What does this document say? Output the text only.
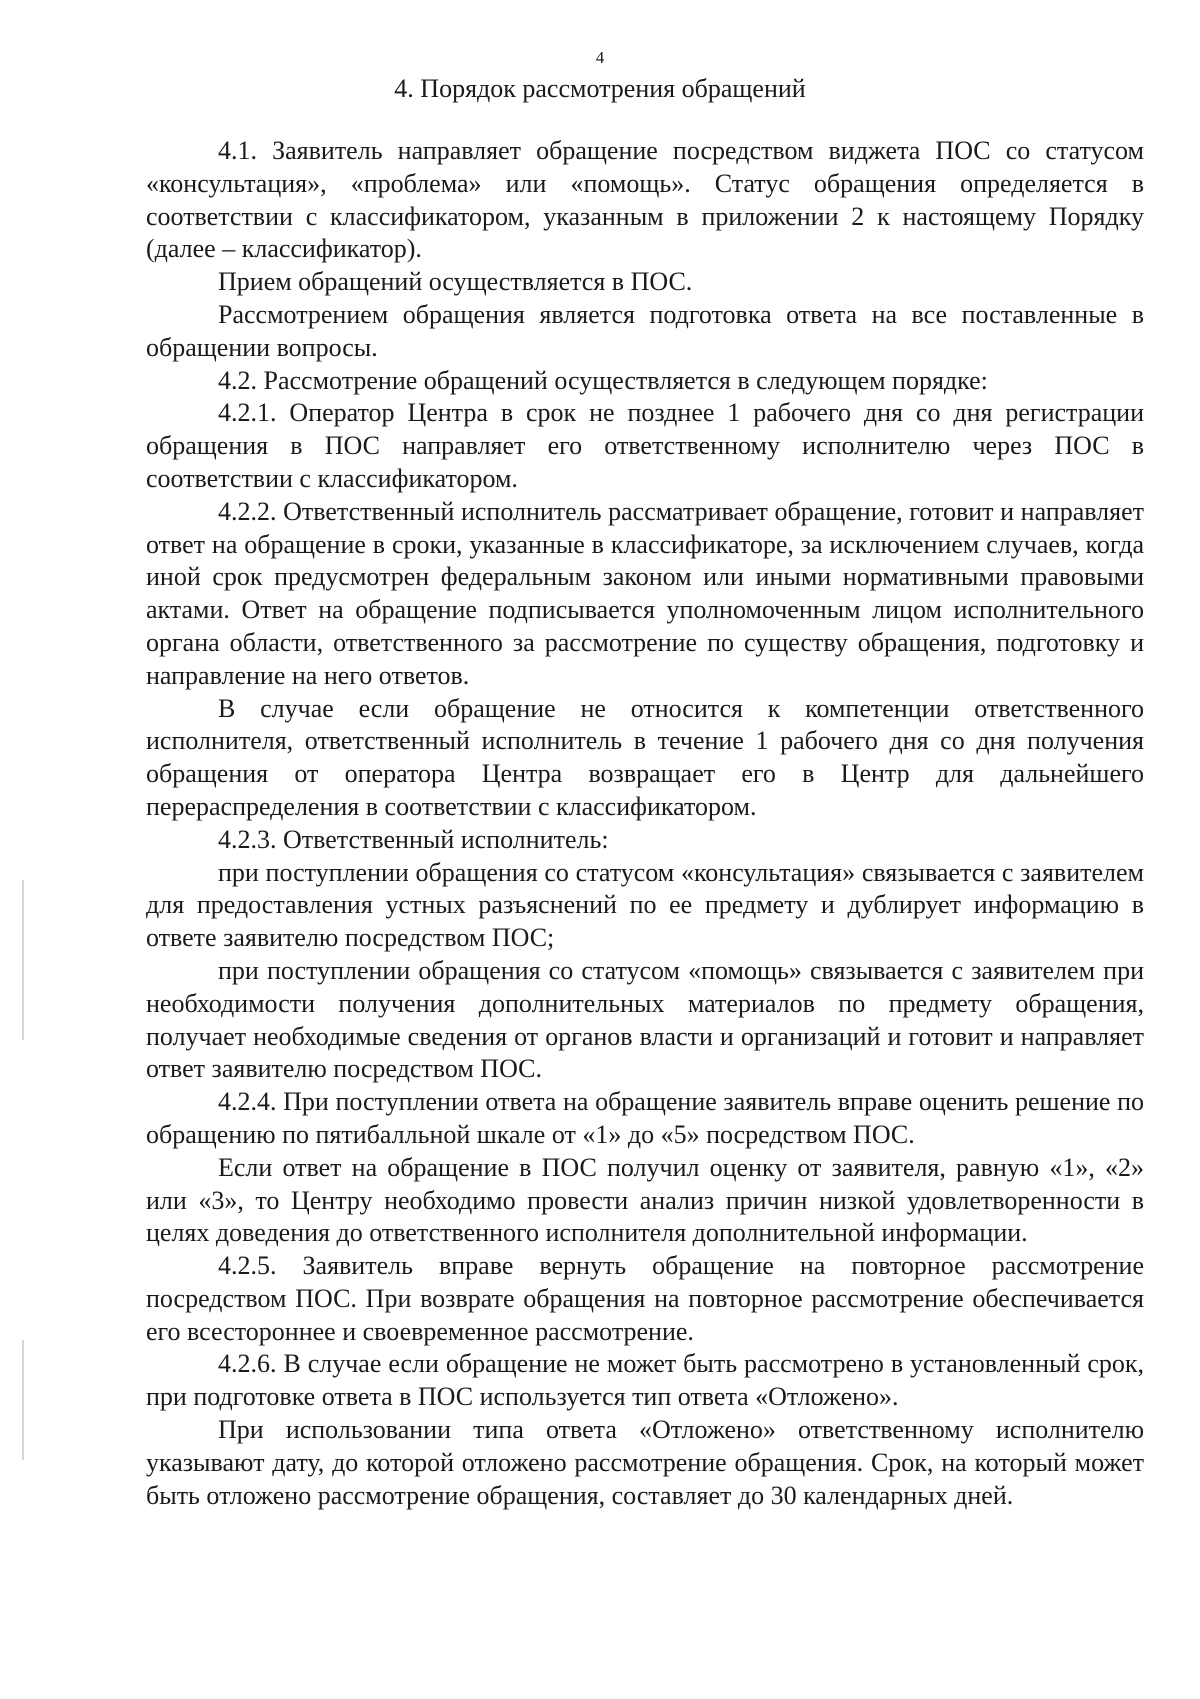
4
4. Порядок рассмотрения обращений

4.1. Заявитель направляет обращение посредством виджета ПОС со статусом «консультация», «проблема» или «помощь». Статус обращения определяется в соответствии с классификатором, указанным в приложении 2 к настоящему Порядку (далее – классификатор).

Прием обращений осуществляется в ПОС.

Рассмотрением обращения является подготовка ответа на все поставленные в обращении вопросы.

4.2. Рассмотрение обращений осуществляется в следующем порядке:

4.2.1. Оператор Центра в срок не позднее 1 рабочего дня со дня регистрации обращения в ПОС направляет его ответственному исполнителю через ПОС в соответствии с классификатором.

4.2.2. Ответственный исполнитель рассматривает обращение, готовит и направляет ответ на обращение в сроки, указанные в классификаторе, за исключением случаев, когда иной срок предусмотрен федеральным законом или иными нормативными правовыми актами. Ответ на обращение подписывается уполномоченным лицом исполнительного органа области, ответственного за рассмотрение по существу обращения, подготовку и направление на него ответов.

В случае если обращение не относится к компетенции ответственного исполнителя, ответственный исполнитель в течение 1 рабочего дня со дня получения обращения от оператора Центра возвращает его в Центр для дальнейшего перераспределения в соответствии с классификатором.

4.2.3. Ответственный исполнитель:

при поступлении обращения со статусом «консультация» связывается с заявителем для предоставления устных разъяснений по ее предмету и дублирует информацию в ответе заявителю посредством ПОС;

при поступлении обращения со статусом «помощь» связывается с заявителем при необходимости получения дополнительных материалов по предмету обращения, получает необходимые сведения от органов власти и организаций и готовит и направляет ответ заявителю посредством ПОС.

4.2.4. При поступлении ответа на обращение заявитель вправе оценить решение по обращению по пятибалльной шкале от «1» до «5» посредством ПОС.

Если ответ на обращение в ПОС получил оценку от заявителя, равную «1», «2» или «3», то Центру необходимо провести анализ причин низкой удовлетворенности в целях доведения до ответственного исполнителя дополнительной информации.

4.2.5. Заявитель вправе вернуть обращение на повторное рассмотрение посредством ПОС. При возврате обращения на повторное рассмотрение обеспечивается его всестороннее и своевременное рассмотрение.

4.2.6. В случае если обращение не может быть рассмотрено в установленный срок, при подготовке ответа в ПОС используется тип ответа «Отложено».

При использовании типа ответа «Отложено» ответственному исполнителю указывают дату, до которой отложено рассмотрение обращения. Срок, на который может быть отложено рассмотрение обращения, составляет до 30 календарных дней.
